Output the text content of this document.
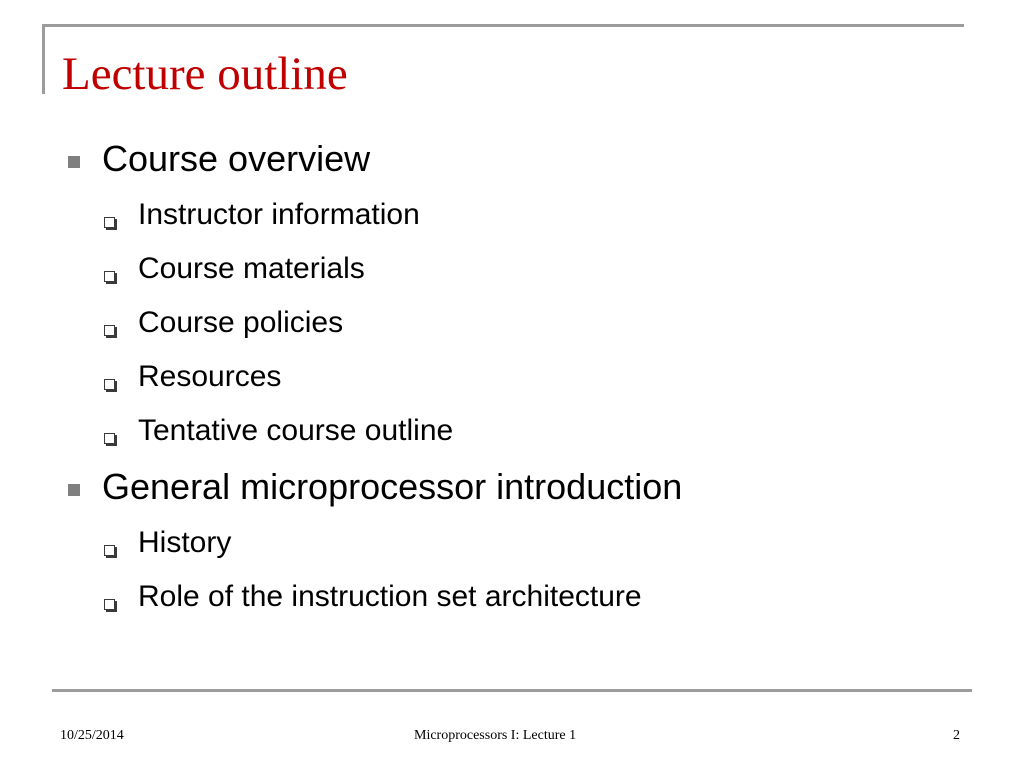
Lecture outline
Course overview
Instructor information
Course materials
Course policies
Resources
Tentative course outline
General microprocessor introduction
History
Role of the instruction set architecture
10/25/2014	Microprocessors I: Lecture 1	2
